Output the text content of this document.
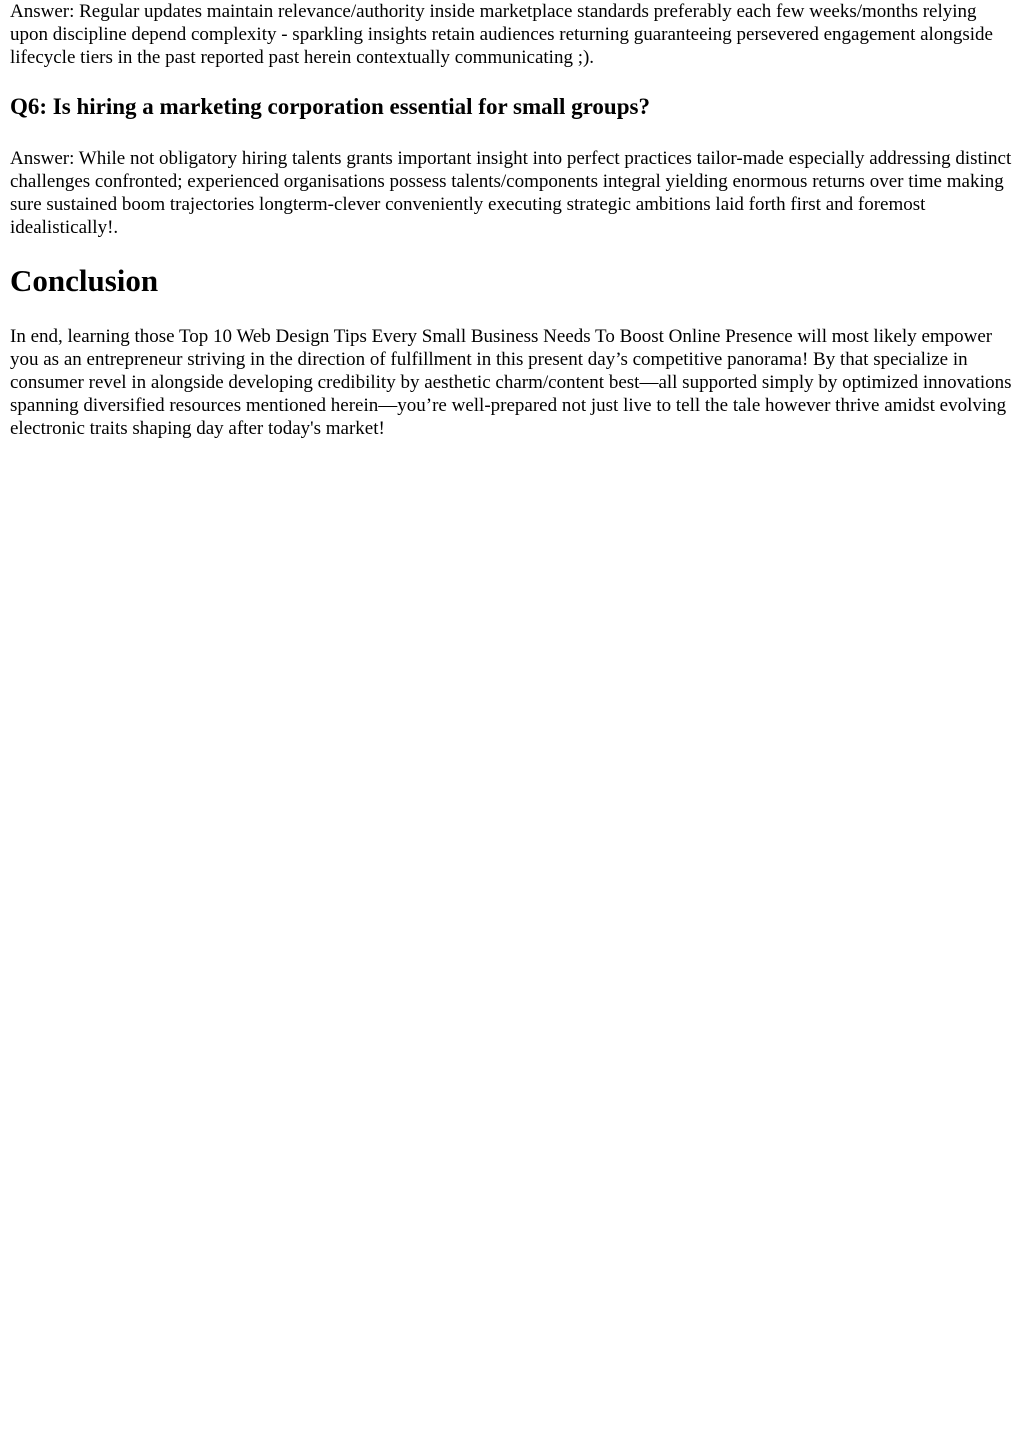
Answer: Regular updates maintain relevance/authority inside marketplace standards preferably each few weeks/months relying upon discipline depend complexity - sparkling insights retain audiences returning guaranteeing persevered engagement alongside lifecycle tiers in the past reported past herein contextually communicating ;).

Q6: Is hiring a marketing corporation essential for small groups?

Answer: While not obligatory hiring talents grants important insight into perfect practices tailor-made especially addressing distinct challenges confronted; experienced organisations possess talents/components integral yielding enormous returns over time making sure sustained boom trajectories longterm-clever conveniently executing strategic ambitions laid forth first and foremost idealistically!.

Conclusion

In end, learning those Top 10 Web Design Tips Every Small Business Needs To Boost Online Presence will most likely empower you as an entrepreneur striving in the direction of fulfillment in this present day’s competitive panorama! By that specialize in consumer revel in alongside developing credibility by aesthetic charm/content best—all supported simply by optimized innovations spanning diversified resources mentioned herein—you’re well-prepared not just live to tell the tale however thrive amidst evolving electronic traits shaping day after today's market!
